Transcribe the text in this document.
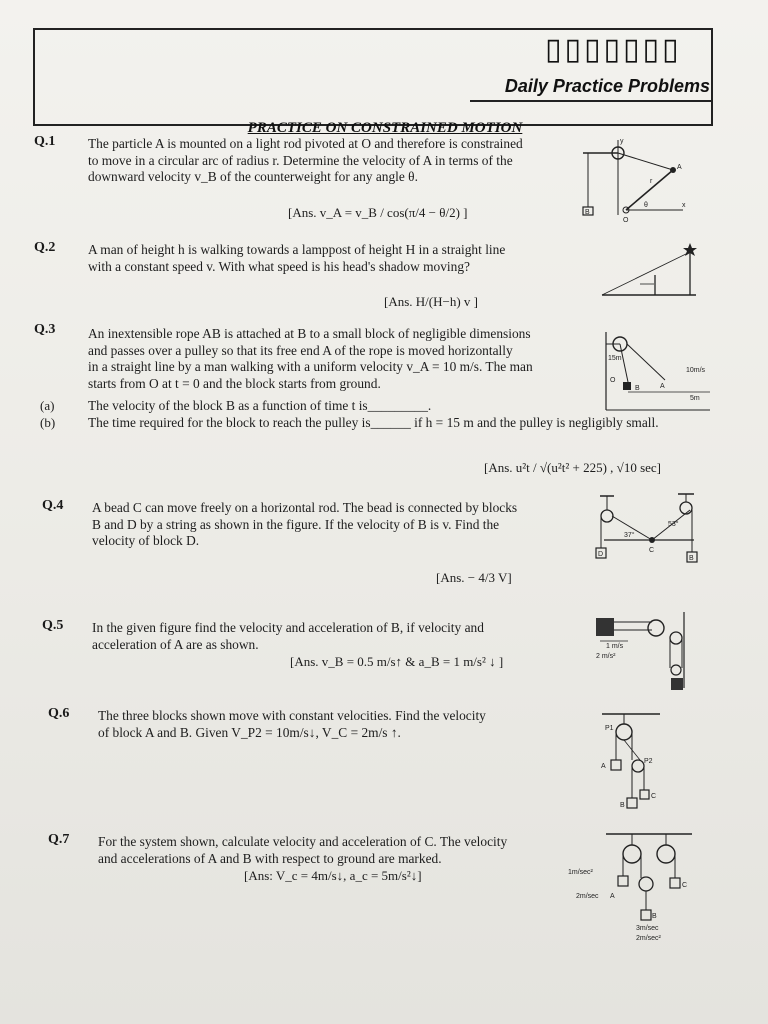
▯▯▯▯▯▯▯
Daily Practice Problems
PRACTICE ON CONSTRAINED MOTION
Q.1 The particle A is mounted on a light rod pivoted at O and therefore is constrained
to move in a circular arc of radius r. Determine the velocity of A in terms of the
downward velocity v_B of the counterweight for any angle θ.
[Ans. v_A = v_B / cos(π/4 − θ/2) ]
y
A
r
θ
O
B
x
Q.2 A man of height h is walking towards a lamppost of height H in a straight line
with a constant speed v. With what speed is his head's shadow moving?
[Ans. H/(H−h) v ]
Q.3 An inextensible rope AB is attached at B to a small block of negligible dimensions
and passes over a pulley so that its free end A of the rope is moved horizontally
in a straight line by a man walking with a uniform velocity v_A = 10 m/s. The man
starts from O at t = 0 and the block starts from ground.
(a)	The velocity of the block B as a function of time t is_________.
(b) The time required for the block to reach the pulley is______ if h = 15 m and the pulley is negligibly small.
[Ans. u²t / √(u²t² + 225) , √10 sec]
15m
10m/s
O
A
B
5m
Q.4 A bead C can move freely on a horizontal rod. The bead is connected by blocks
B and D by a string as shown in the figure. If the velocity of B is v. Find the
velocity of block D.
[Ans. − 4/3 V]
37°
53°
C
D
B
Q.5 In the given figure find the velocity and acceleration of B, if velocity and
acceleration of A are as shown.
[Ans. v_B = 0.5 m/s↑ & a_B = 1 m/s² ↓ ]
1 m/s
2 m/s²
Q.6 The three blocks shown move with constant velocities. Find the velocity
of block A and B. Given V_P2 = 10m/s↓, V_C = 2m/s ↑.	P1
P2
A
B
C
Q.7 For the system shown, calculate velocity and acceleration of C. The velocity
and accelerations of A and B with respect to ground are marked.
[Ans: V_c = 4m/s↓, a_c = 5m/s²↓]	1m/sec²
2m/sec A
C
B
3m/sec
2m/sec²
